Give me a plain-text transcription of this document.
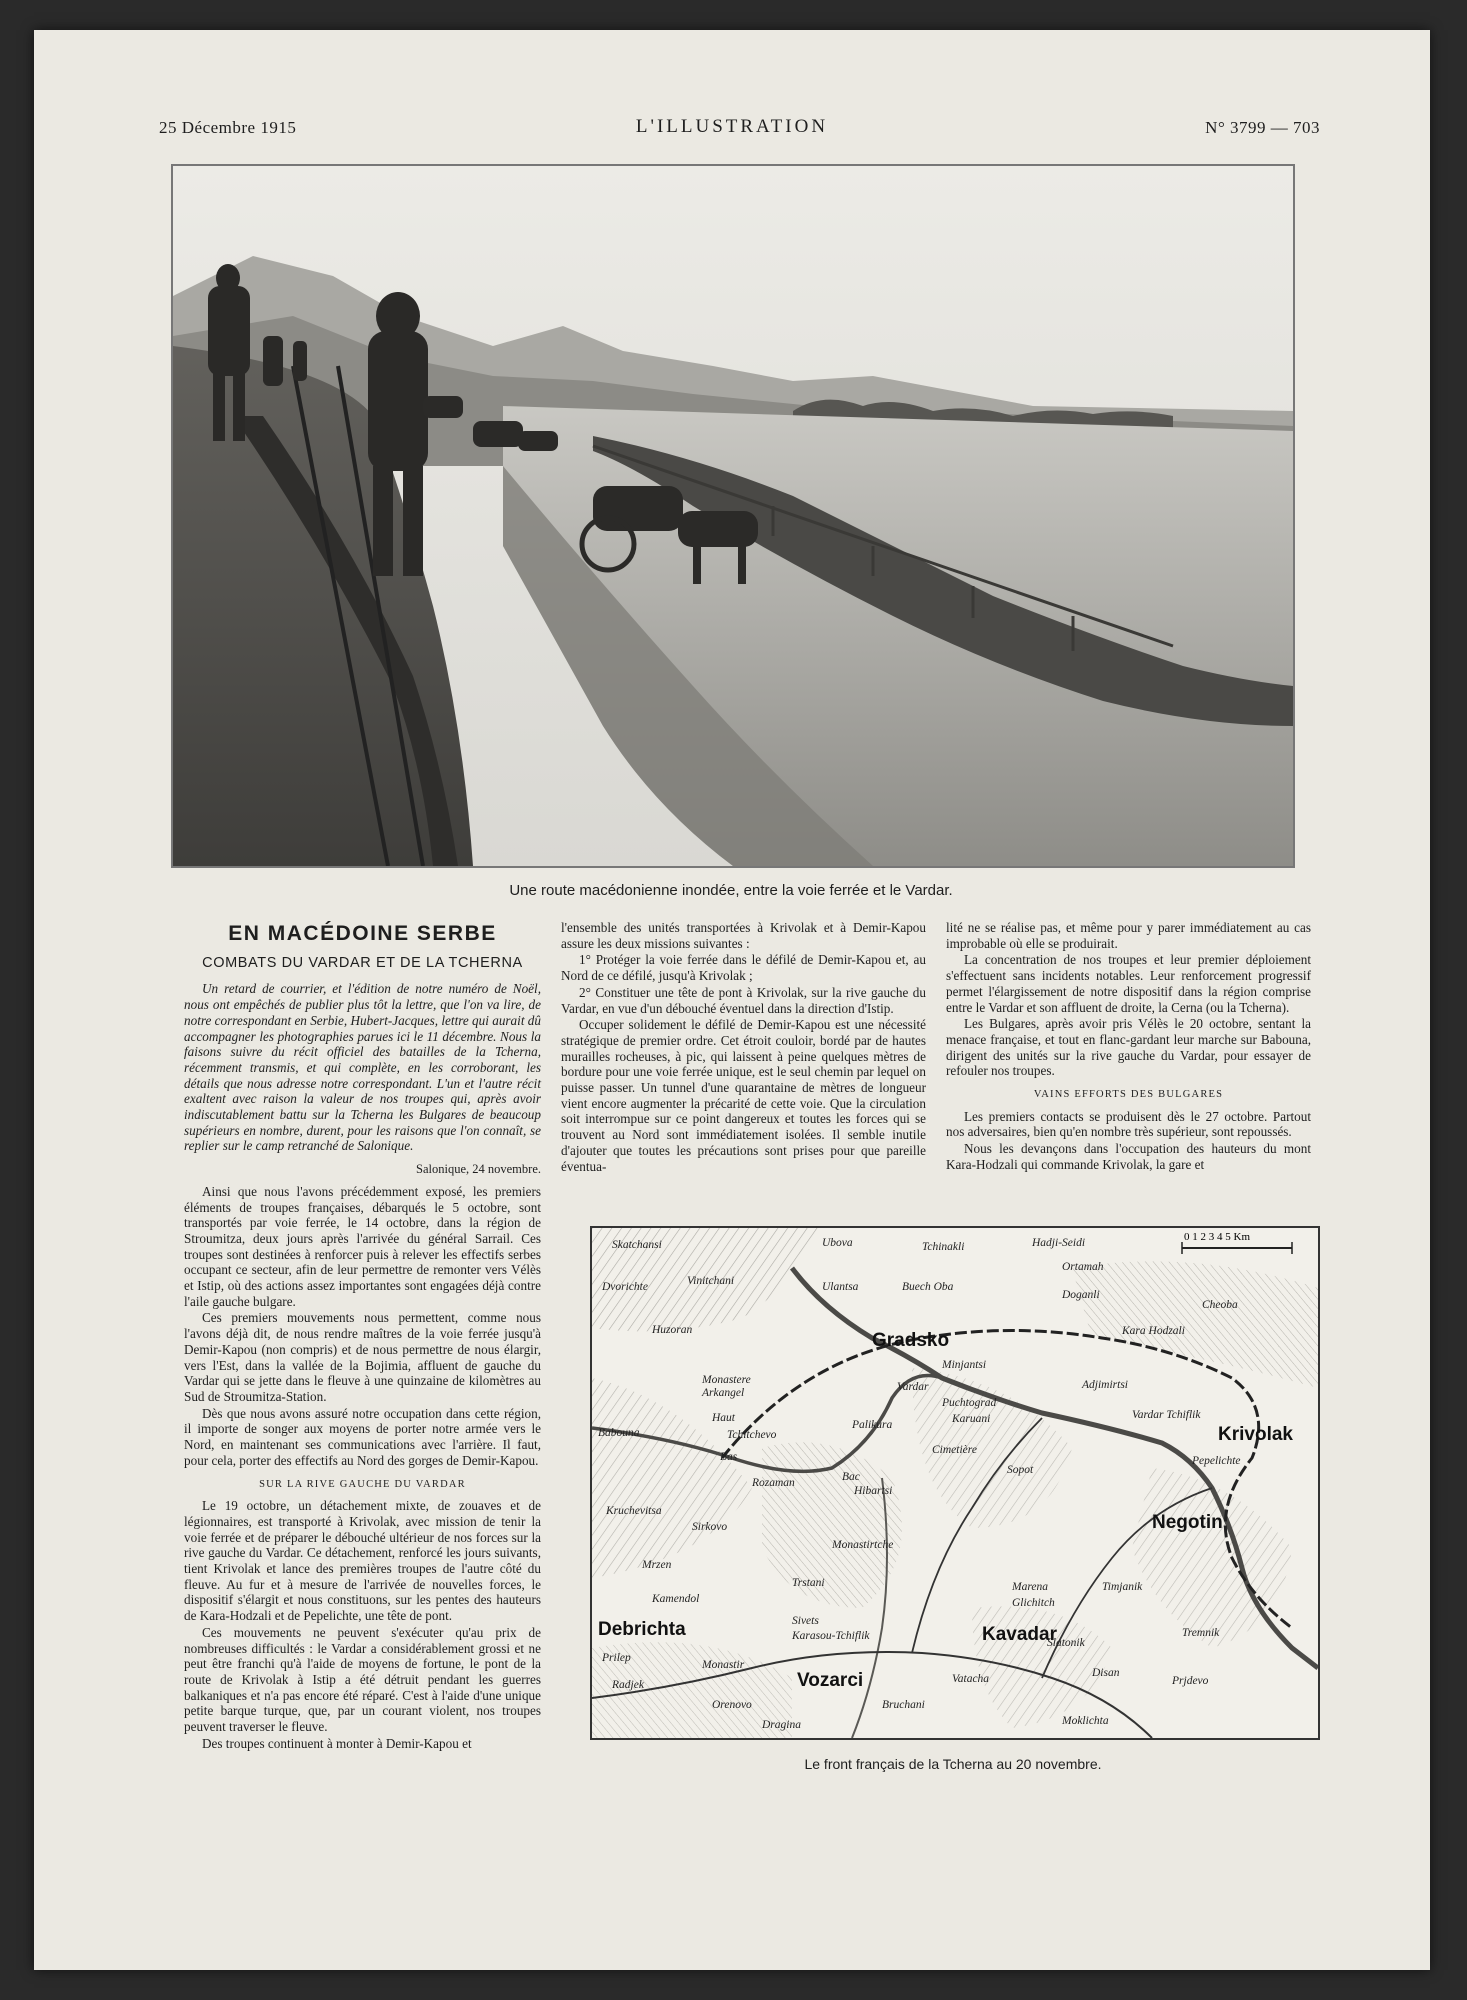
25 Décembre 1915	L'ILLUSTRATION	N° 3799 — 703
Une route macédonienne inondée, entre la voie ferrée et le Vardar.
EN MACÉDOINE SERBE
COMBATS DU VARDAR ET DE LA TCHERNA

Un retard de courrier, et l'édition de notre numéro de Noël, nous ont empêchés de publier plus tôt la lettre, que l'on va lire, de notre correspondant en Serbie, Hubert-Jacques, lettre qui aurait dû accompagner les photographies parues ici le 11 décembre. Nous la faisons suivre du récit officiel des batailles de la Tcherna, récemment transmis, et qui complète, en les corroborant, les détails que nous adresse notre correspondant. L'un et l'autre récit exaltent avec raison la valeur de nos troupes qui, après avoir indiscutablement battu sur la Tcherna les Bulgares de beaucoup supérieurs en nombre, durent, pour les raisons que l'on connaît, se replier sur le camp retranché de Salonique.

Salonique, 24 novembre.

Ainsi que nous l'avons précédemment exposé, les premiers éléments de troupes françaises, débarqués le 5 octobre, sont transportés par voie ferrée, le 14 octobre, dans la région de Stroumitza, deux jours après l'arrivée du général Sarrail. Ces troupes sont destinées à renforcer puis à relever les effectifs serbes occupant ce secteur, afin de leur permettre de remonter vers Vélès et Istip, où des actions assez importantes sont engagées déjà contre l'aile gauche bulgare.

Ces premiers mouvements nous permettent, comme nous l'avons déjà dit, de nous rendre maîtres de la voie ferrée jusqu'à Demir-Kapou (non compris) et de nous permettre de nous élargir, vers l'Est, dans la vallée de la Bojimia, affluent de gauche du Vardar qui se jette dans le fleuve à une quinzaine de kilomètres au Sud de Stroumitza-Station.

Dès que nous avons assuré notre occupation dans cette région, il importe de songer aux moyens de porter notre armée vers le Nord, en maintenant ses communications avec l'arrière. Il faut, pour cela, porter des effectifs au Nord des gorges de Demir-Kapou.

SUR LA RIVE GAUCHE DU VARDAR

Le 19 octobre, un détachement mixte, de zouaves et de légionnaires, est transporté à Krivolak, avec mission de tenir la voie ferrée et de préparer le débouché ultérieur de nos forces sur la rive gauche du Vardar. Ce détachement, renforcé les jours suivants, tient Krivolak et lance des premières troupes de l'autre côté du fleuve. Au fur et à mesure de l'arrivée de nouvelles forces, le dispositif s'élargit et nous constituons, sur les pentes des hauteurs de Kara-Hodzali et de Pepelichte, une tête de pont.

Ces mouvements ne peuvent s'exécuter qu'au prix de nombreuses difficultés : le Vardar a considérablement grossi et ne peut être franchi qu'à l'aide de moyens de fortune, le pont de la route de Krivolak à Istip a été détruit pendant les guerres balkaniques et n'a pas encore été réparé. C'est à l'aide d'une unique petite barque turque, que, par un courant violent, nos troupes peuvent traverser le fleuve.

Des troupes continuent à monter à Demir-Kapou et

l'ensemble des unités transportées à Krivolak et à Demir-Kapou assure les deux missions suivantes :

1° Protéger la voie ferrée dans le défilé de Demir-Kapou et, au Nord de ce défilé, jusqu'à Krivolak ;

2° Constituer une tête de pont à Krivolak, sur la rive gauche du Vardar, en vue d'un débouché éventuel dans la direction d'Istip.

Occuper solidement le défilé de Demir-Kapou est une nécessité stratégique de premier ordre. Cet étroit couloir, bordé par de hautes murailles rocheuses, à pic, qui laissent à peine quelques mètres de bordure pour une voie ferrée unique, est le seul chemin par lequel on puisse passer. Un tunnel d'une quarantaine de mètres de longueur vient encore augmenter la précarité de cette voie. Que la circulation soit interrompue sur ce point dangereux et toutes les forces qui se trouvent au Nord sont immédiatement isolées. Il semble inutile d'ajouter que toutes les précautions sont prises pour que pareille éventua-

lité ne se réalise pas, et même pour y parer immédiatement au cas improbable où elle se produirait.

La concentration de nos troupes et leur premier déploiement s'effectuent sans incidents notables. Leur renforcement progressif permet l'élargissement de notre dispositif dans la région comprise entre le Vardar et son affluent de droite, la Cerna (ou la Tcherna).

Les Bulgares, après avoir pris Vélès le 20 octobre, sentant la menace française, et tout en flanc-gardant leur marche sur Babouna, dirigent des unités sur la rive gauche du Vardar, pour essayer de refouler nos troupes.

VAINS EFFORTS DES BULGARES

Les premiers contacts se produisent dès le 27 octobre. Partout nos adversaires, bien qu'en nombre très supérieur, sont repoussés.

Nous les devançons dans l'occupation des hauteurs du mont Kara-Hodzali qui commande Krivolak, la gare et

0 1 2 3 4 5 Km
Gradsko
Krivolak
Negotin
Kavadar
Debrichta
Vozarci
Skatchansi
Vinitchani
Dvorichte
Ubova	Tchinakli	Hadji-Seidi
Ortamah
Doganli
Cheoba
Kara Hodzali
Ulantsa	Buech Oba
Huzoran
Minjantsi
Monastere
Arkangel
Haut
Tchitchevo
Bas
Puchtograd
Karuani
Adjimirtsi
Vardar Tchiflik
Palikura
Cimetière
Babouna
Rozaman	Bac
Hibartsi
Sopot
Pepelichte
Kruchevitsa
Sirkovo
Monastirtche
Mrzen
Trstani	Marena
Glichitch
Timjanik
Kamendol
Sivets
Karasou-Tchiflik
Slatonik
Tremnik
Prilep
Monastir
Radjek	Vatacha	Disan
Prjdevo
Orenovo	Bruchani
Dragina	Moklichta
Vardar
Le front français de la Tcherna au 20 novembre.
